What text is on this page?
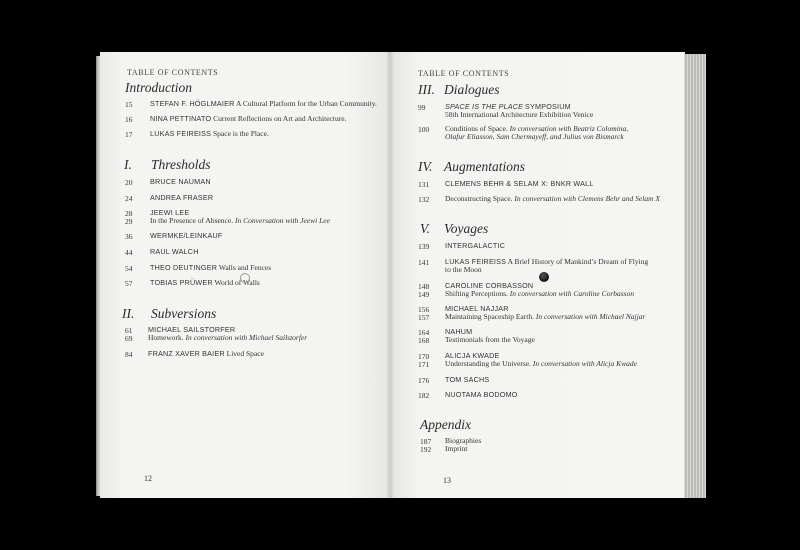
TABLE OF CONTENTS
Introduction
15 STEFAN F. HÖGLMAIER A Cultural Platform for the Urban Community.
16 NINA PETTINATO Current Reflections on Art and Architecture.
17 LUKAS FEIREISS Space is the Place.
I. Thresholds
20 BRUCE NAUMAN
24 ANDREA FRASER
28 JEEWI LEE
29 In the Presence of Absence. In Conversation with Jeewi Lee
36 WERMKE/LEINKAUF
44 RAUL WALCH
54 THEO DEUTINGER Walls and Fences
57 TOBIAS PRÜWER World of Walls
II. Subversions
61 MICHAEL SAILSTORFER
69 Homework. In conversation with Michael Sailstorfer
84 FRANZ XAVER BAIER Lived Space
12
TABLE OF CONTENTS
III. Dialogues
99	SPACE IS THE PLACE SYMPOSIUM
58th International Architecture Exhibition Venice
100 Conditions of Space. In conversation with Beatriz Colomina,
Olafur Eliasson, Sam Chermayeff, and Julius von Bismarck
IV. Augmentations
131 CLEMENS BEHR & SELAM X: BNKR WALL
132 Deconstructing Space. In conversation with Clemens Behr and Selam X
V. Voyages
139 INTERGALACTIC
141 LUKAS FEIREISS A Brief History of Mankind’s Dream of Flying
to the Moon
148 CAROLINE CORBASSON
149 Shifting Perceptions. In conversation with Caroline Corbasson
156 MICHAEL NAJJAR
157 Maintaining Spaceship Earth. In conversation with Michael Najjar
164 NAHUM
168 Testimonials from the Voyage
170 ALICJA KWADE
171 Understanding the Universe. In conversation with Alicja Kwade
176 TOM SACHS
182 NUOTAMA BODOMO
Appendix
187 Biographies
192 Imprint
13
